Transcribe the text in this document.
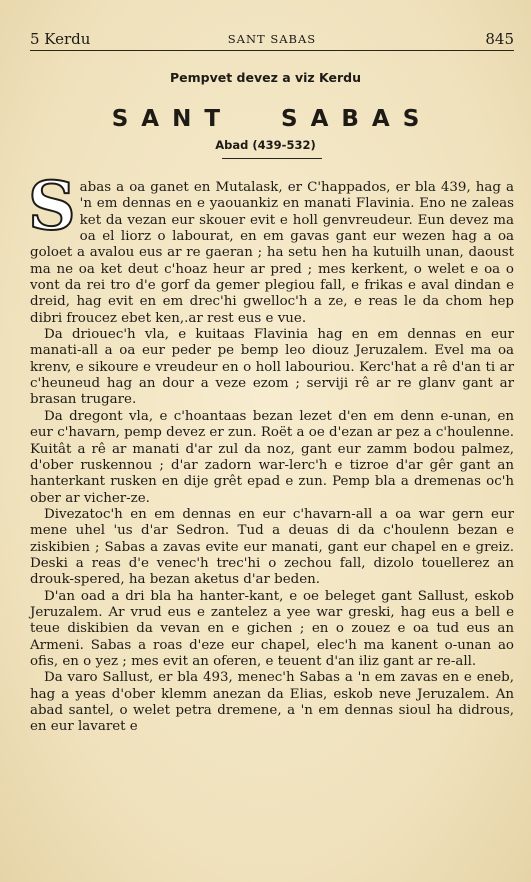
5 Kerdu	SANT SABAS	845
Pempvet devez a viz Kerdu
SANT SABAS
Abad (439-532)

Sabas a oa ganet en Mutalask, er C'happados, er bla 439, hag a 'n em dennas en e yaouankiz en manati Flavinia. Eno ne zaleas ket da vezan eur skouer evit e holl genvreudeur. Eun devez ma oa el liorz o labourat, en em gavas gant eur wezen hag a oa goloet a avalou eus ar re gaeran ; ha setu hen ha kutuilh unan, daoust ma ne oa ket deut c'hoaz heur ar pred ; mes kerkent, o welet e oa o vont da rei tro d'e gorf da gemer plegiou fall, e frikas e aval dindan e dreid, hag evit en em drec'hi gwelloc'h a ze, e reas le da chom hep dibri froucez ebet ken,.ar rest eus e vue.

Da driouec'h vla, e kuitaas Flavinia hag en em dennas en eur manati-all a oa eur peder pe bemp leo diouz Jeruzalem. Evel ma oa krenv, e sikoure e vreudeur en o holl labouriou. Kerc'hat a rê d'an ti ar c'heuneud hag an dour a veze ezom ; serviji rê ar re glanv gant ar brasan trugare.

Da dregont vla, e c'hoantaas bezan lezet d'en em denn e-unan, en eur c'havarn, pemp devez er zun. Roët a oe d'ezan ar pez a c'houlenne. Kuitât a rê ar manati d'ar zul da noz, gant eur zamm bodou palmez, d'ober ruskennou ; d'ar zadorn war-lerc'h e tizroe d'ar gêr gant an hanterkant rusken en dije grêt epad e zun. Pemp bla a dremenas oc'h ober ar vicher-ze.

Divezatoc'h en em dennas en eur c'havarn-all a oa war gern eur mene uhel 'us d'ar Sedron. Tud a deuas di da c'houlenn bezan e ziskibien ; Sabas a zavas evite eur manati, gant eur chapel en e greiz. Deski a reas d'e venec'h trec'hi o zechou fall, dizolo touellerez an drouk-spered, ha bezan aketus d'ar beden.

D'an oad a dri bla ha hanter-kant, e oe beleget gant Sallust, eskob Jeruzalem. Ar vrud eus e zantelez a yee war greski, hag eus a bell e teue diskibien da vevan en e gichen ; en o zouez e oa tud eus an Armeni. Sabas a roas d'eze eur chapel, elec'h ma kanent o-unan ao ofis, en o yez ; mes evit an oferen, e teuent d'an iliz gant ar re-all.

Da varo Sallust, er bla 493, menec'h Sabas a 'n em zavas en e eneb, hag a yeas d'ober klemm anezan da Elias, eskob neve Jeruzalem. An abad santel, o welet petra dremene, a 'n em dennas sioul ha didrous, en eur lavaret e
